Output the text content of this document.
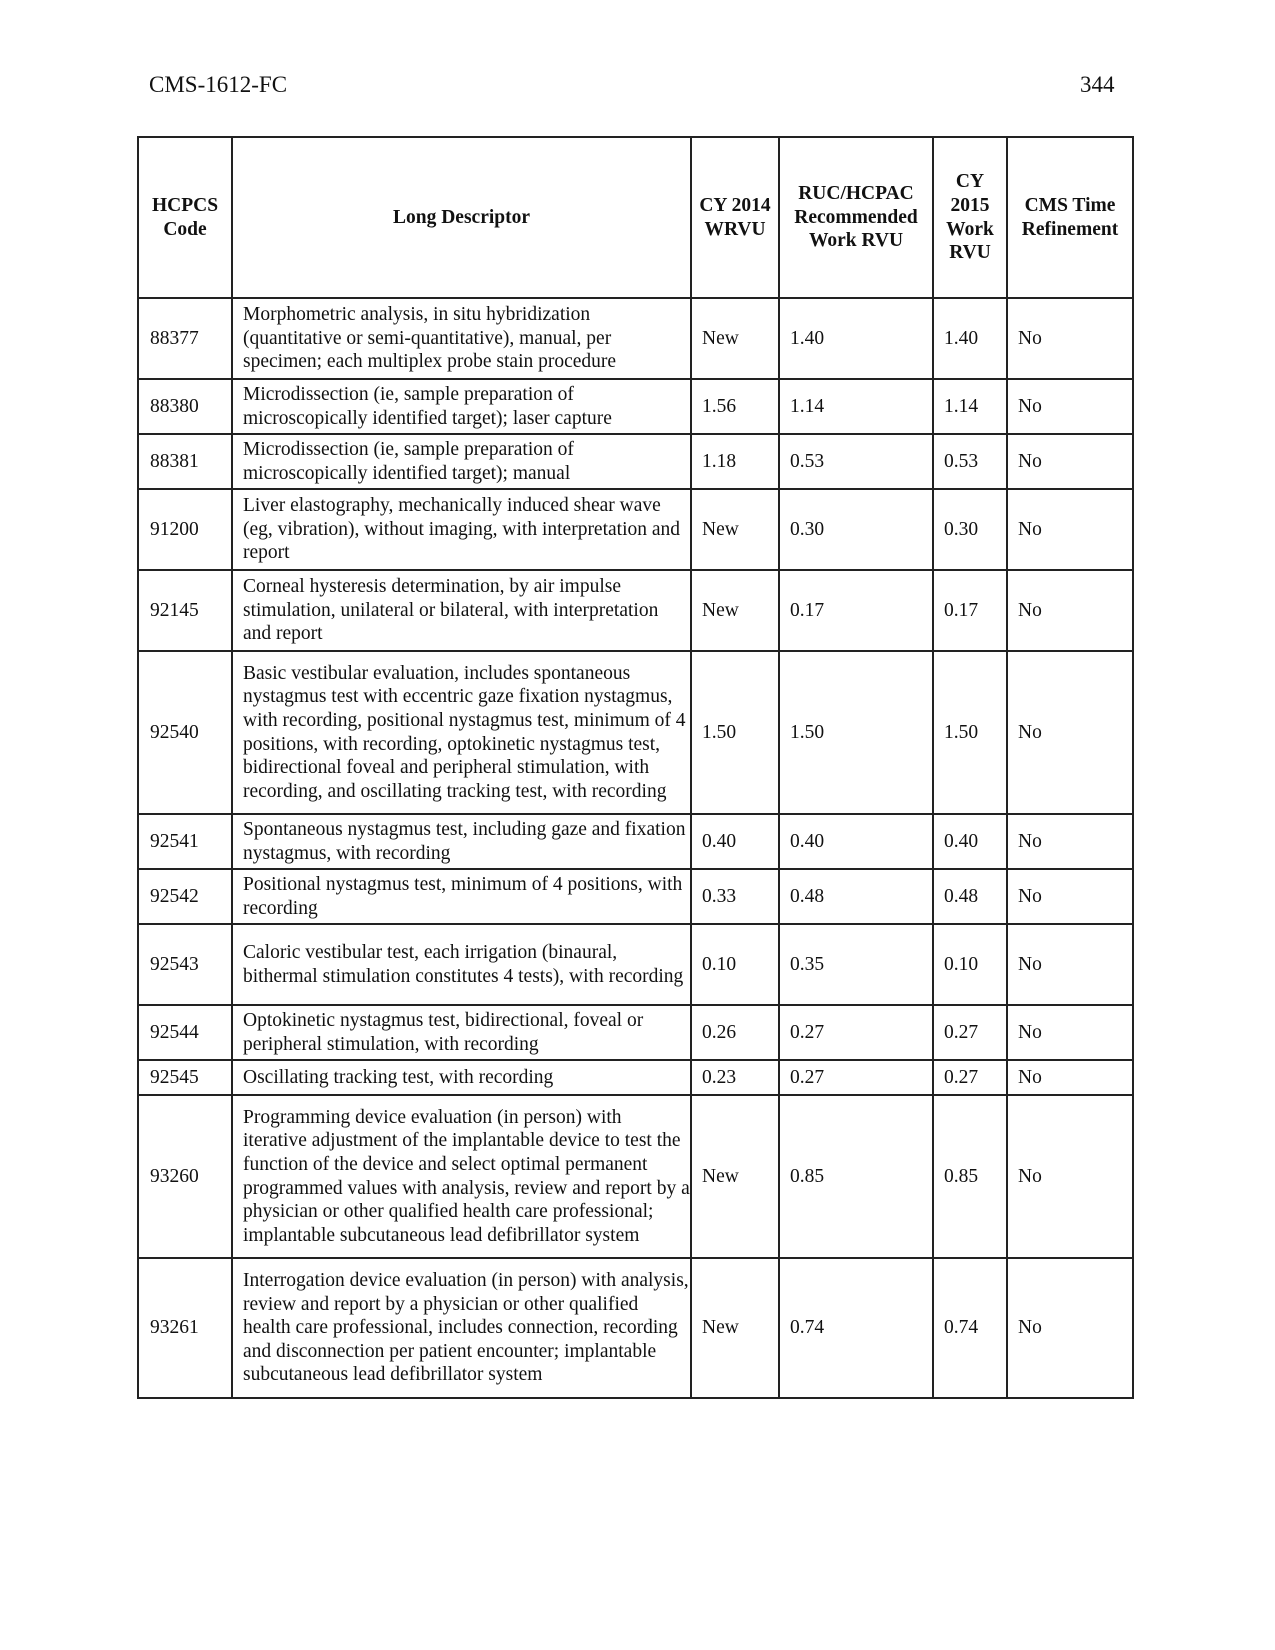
CMS-1612-FC	344
HCPCS Code	Long Descriptor	CY 2014 WRVU	RUC/HCPAC Recommended Work RVU	CY 2015 Work RVU	CMS Time Refinement
88377	Morphometric analysis, in situ hybridization (quantitative or semi-quantitative), manual, per specimen; each multiplex probe stain procedure	New	1.40	1.40	No
88380	Microdissection (ie, sample preparation of microscopically identified target); laser capture	1.56	1.14	1.14	No
88381	Microdissection (ie, sample preparation of microscopically identified target); manual	1.18	0.53	0.53	No
91200	Liver elastography, mechanically induced shear wave (eg, vibration), without imaging, with interpretation and report	New	0.30	0.30	No
92145	Corneal hysteresis determination, by air impulse stimulation, unilateral or bilateral, with interpretation and report	New	0.17	0.17	No
92540	Basic vestibular evaluation, includes spontaneous nystagmus test with eccentric gaze fixation nystagmus, with recording, positional nystagmus test, minimum of 4 positions, with recording, optokinetic nystagmus test, bidirectional foveal and peripheral stimulation, with recording, and oscillating tracking test, with recording	1.50	1.50	1.50	No
92541	Spontaneous nystagmus test, including gaze and fixation nystagmus, with recording	0.40	0.40	0.40	No
92542	Positional nystagmus test, minimum of 4 positions, with recording	0.33	0.48	0.48	No
92543	Caloric vestibular test, each irrigation (binaural, bithermal stimulation constitutes 4 tests), with recording	0.10	0.35	0.10	No
92544	Optokinetic nystagmus test, bidirectional, foveal or peripheral stimulation, with recording	0.26	0.27	0.27	No
92545	Oscillating tracking test, with recording	0.23	0.27	0.27	No
93260	Programming device evaluation (in person) with iterative adjustment of the implantable device to test the function of the device and select optimal permanent programmed values with analysis, review and report by a physician or other qualified health care professional; implantable subcutaneous lead defibrillator system	New	0.85	0.85	No
93261	Interrogation device evaluation (in person) with analysis, review and report by a physician or other qualified health care professional, includes connection, recording and disconnection per patient encounter; implantable subcutaneous lead defibrillator system	New	0.74	0.74	No
